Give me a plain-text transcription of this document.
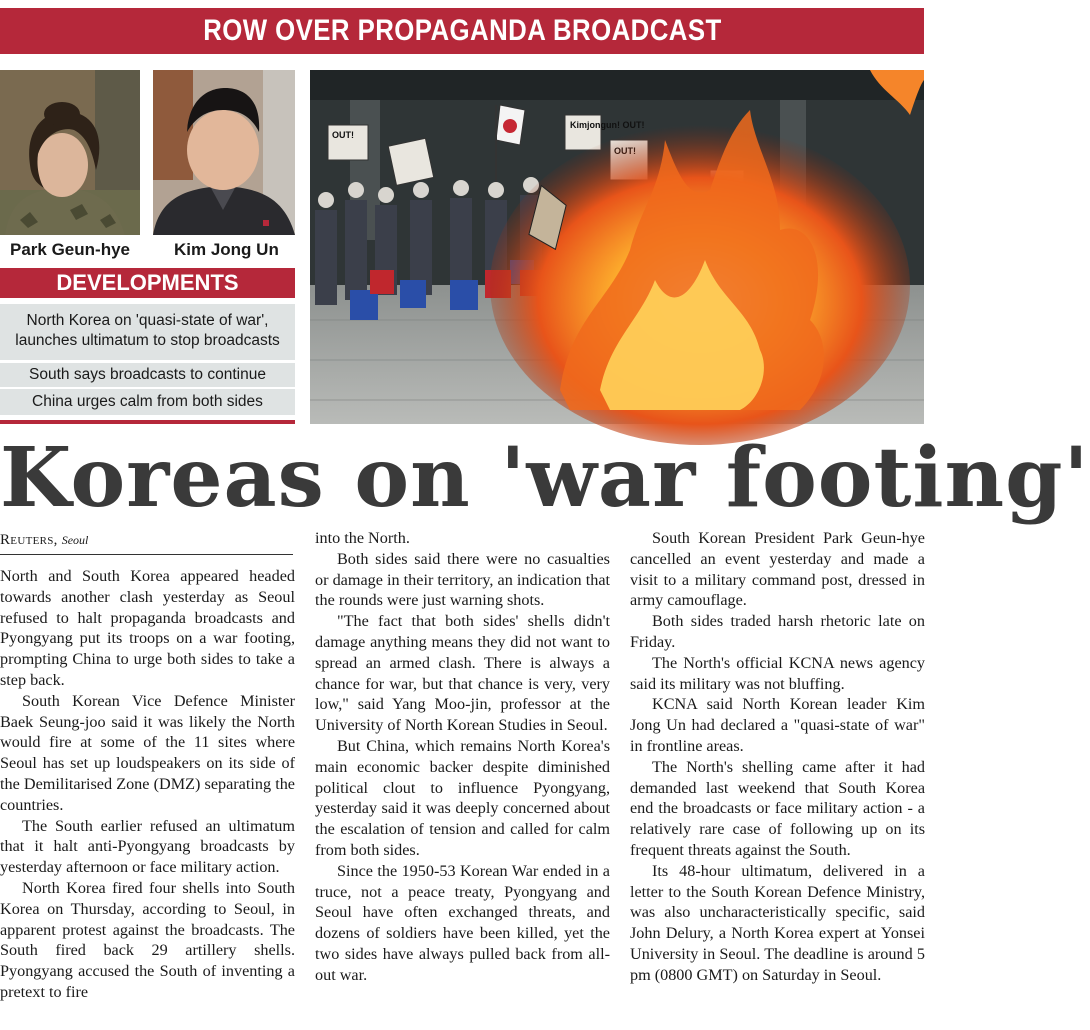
ROW OVER PROPAGANDA BROADCAST
Park Geun-hye	Kim Jong Un
DEVELOPMENTS
North Korea on 'quasi-state of war', launches ultimatum to stop broadcasts
South says broadcasts to continue
China urges calm from both sides
OUT!
Kimjongun! OUT!
Koreas on 'war footing'
Reuters, Seoul

North and South Korea appeared headed towards another clash yesterday as Seoul refused to halt propaganda broadcasts and Pyongyang put its troops on a war footing, prompting China to urge both sides to take a step back.

South Korean Vice Defence Minister Baek Seung-joo said it was likely the North would fire at some of the 11 sites where Seoul has set up loudspeakers on its side of the Demilitarised Zone (DMZ) separating the countries.

The South earlier refused an ultimatum that it halt anti-Pyongyang broadcasts by yesterday afternoon or face military action.

North Korea fired four shells into South Korea on Thursday, according to Seoul, in apparent protest against the broadcasts. The South fired back 29 artillery shells. Pyongyang accused the South of inventing a pretext to fire

into the North.

Both sides said there were no casualties or damage in their territory, an indication that the rounds were just warning shots.

"The fact that both sides' shells didn't damage anything means they did not want to spread an armed clash. There is always a chance for war, but that chance is very, very low," said Yang Moo-jin, professor at the University of North Korean Studies in Seoul.

But China, which remains North Korea's main economic backer despite diminished political clout to influence Pyongyang, yesterday said it was deeply concerned about the escalation of tension and called for calm from both sides.

Since the 1950-53 Korean War ended in a truce, not a peace treaty, Pyongyang and Seoul have often exchanged threats, and dozens of soldiers have been killed, yet the two sides have always pulled back from all-out war.

South Korean President Park Geun-hye cancelled an event yesterday and made a visit to a military command post, dressed in army camouflage.

Both sides traded harsh rhetoric late on Friday.

The North's official KCNA news agency said its military was not bluffing.

KCNA said North Korean leader Kim Jong Un had declared a "quasi-state of war" in frontline areas.

The North's shelling came after it had demanded last weekend that South Korea end the broadcasts or face military action - a relatively rare case of following up on its frequent threats against the South.

Its 48-hour ultimatum, delivered in a letter to the South Korean Defence Ministry, was also uncharacteristically specific, said John Delury, a North Korea expert at Yonsei University in Seoul. The deadline is around 5 pm (0800 GMT) on Saturday in Seoul.
